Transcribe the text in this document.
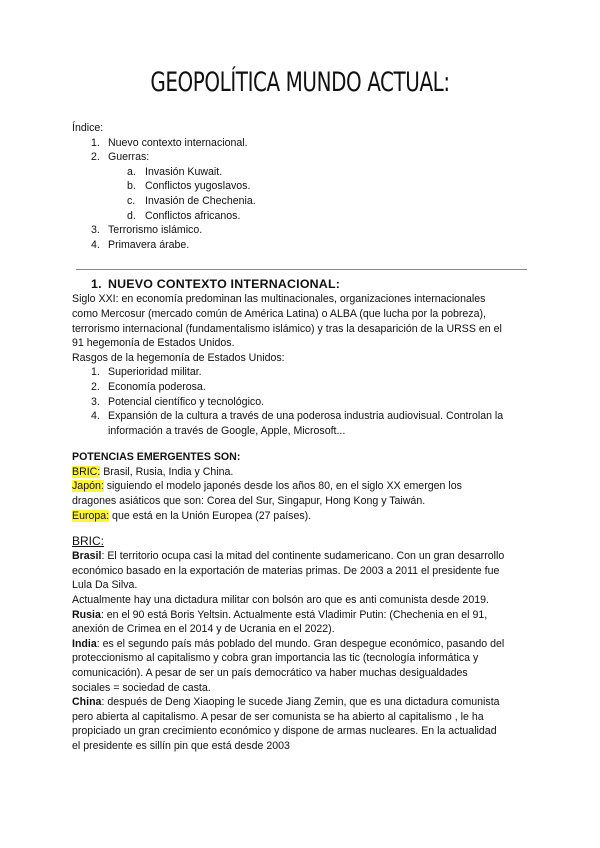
GEOPOLÍTICA MUNDO ACTUAL:

Índice:

1. Nuevo contexto internacional.
2. Guerras:
a. Invasión Kuwait.
b. Conflictos yugoslavos.
c. Invasión de Chechenia.
d. Conflictos africanos.
3. Terrorismo islámico.
4. Primavera árabe.
1. NUEVO CONTEXTO INTERNACIONAL:

Siglo XXI: en economía predominan las multinacionales, organizaciones internacionales

como Mercosur (mercado común de América Latina) o ALBA (que lucha por la pobreza),

terrorismo internacional (fundamentalismo islámico) y tras la desaparición de la URSS en el

91 hegemonía de Estados Unidos.

Rasgos de la hegemonía de Estados Unidos:

1. Superioridad militar.
2. Economía poderosa.
3. Potencial científico y tecnológico.
4. Expansión de la cultura a través de una poderosa industria audiovisual. Controlan la
información a través de Google, Apple, Microsoft...

POTENCIAS EMERGENTES SON:

BRIC: Brasil, Rusia, India y China.

Japón: siguiendo el modelo japonés desde los años 80, en el siglo XX emergen los

dragones asiáticos que son: Corea del Sur, Singapur, Hong Kong y Taiwán.

Europa: que está en la Unión Europea (27 países).

BRIC:

Brasil: El territorio ocupa casi la mitad del continente sudamericano. Con un gran desarrollo

económico basado en la exportación de materias primas. De 2003 a 2011 el presidente fue

Lula Da Silva.

Actualmente hay una dictadura militar con bolsón aro que es anti comunista desde 2019.

Rusia: en el 90 está Boris Yeltsin. Actualmente está Vladimir Putin: (Chechenia en el 91,

anexión de Crimea en el 2014 y de Ucrania en el 2022).

India: es el segundo país más poblado del mundo. Gran despegue económico, pasando del

proteccionismo al capitalismo y cobra gran importancia las tic (tecnología informática y

comunicación). A pesar de ser un país democrático va haber muchas desigualdades

sociales = sociedad de casta.

China: después de Deng Xiaoping le sucede Jiang Zemin, que es una dictadura comunista

pero abierta al capitalismo. A pesar de ser comunista se ha abierto al capitalismo , le ha

propiciado un gran crecimiento económico y dispone de armas nucleares. En la actualidad

el presidente es sillín pin que está desde 2003
